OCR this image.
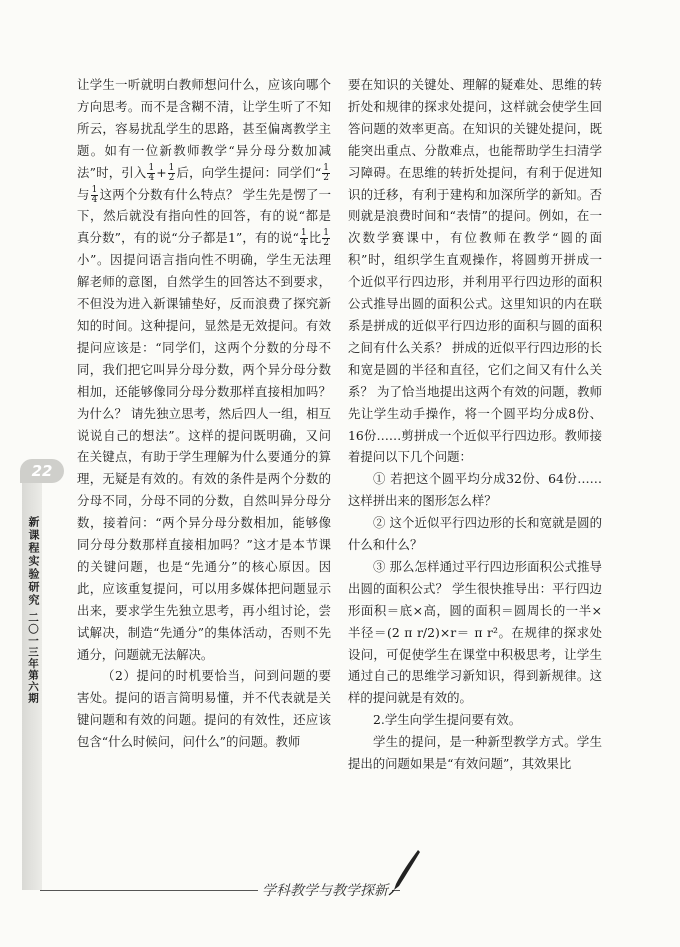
让学生一听就明白教师想问什么，应该向哪个方向思考。而不是含糊不清，让学生听了不知所云，容易扰乱学生的思路，甚至偏离教学主题。如有一位新教师教学“异分母分数加减法”时，引入 $\frac{1}{4} + \frac{1}{2}$ 后，向学生提问：同学们“ $\frac{1}{2}$
与 $\frac{1}{4}$ 这两个分数有什么特点？ 学生先是愣了一下，然后就没有指向性的回答，有的说“都是真分数”，有的说“分子都是1”，有的说“ $\frac{1}{4}$ 比 $\frac{1}{2}$
小”。因提问语言指向性不明确，学生无法理解老师的意图，自然学生的回答达不到要求，不但没为进入新课铺垫好，反而浪费了探究新知的时间。这种提问，显然是无效提问。有效提问应该是：“同学们，这两个分数的分母不同，我们把它叫异分母分数，两个异分母分数相加，还能够像同分母分数那样直接相加吗？ 为什么？ 请先独立思考，然后四人一组，相互说说自己的想法”。这样的提问既明确，又问在关键点，有助于学生理解为什么要通分的算理，无疑是有效的。有效的条件是两个分数的分母不同，分母不同的分数，自然叫异分母分数，接着问：“两个异分母分数相加，能够像同分母分数那样直接相加吗？”这才是本节课的关键问题，也是“先通分”的核心原因。因此，应该重复提问，可以用多媒体把问题显示出来，要求学生先独立思考，再小组讨论，尝试解决，制造“先通分”的集体活动，否则不先通分，问题就无法解决。

（2）提问的时机要恰当，问到问题的要害处。提问的语言简明易懂，并不代表就是关键问题和有效的问题。提问的有效性，还应该包含“什么时候问，问什么”的问题。教师

要在知识的关键处、理解的疑难处、思维的转折处和规律的探求处提问，这样就会使学生回答问题的效率更高。在知识的关键处提问，既能突出重点、分散难点，也能帮助学生扫清学习障碍。在思维的转折处提问，有利于促进知识的迁移，有利于建构和加深所学的新知。否则就是浪费时间和“表情”的提问。例如，在一次数学赛课中，有位教师在教学“圆的面积”时，组织学生直观操作，将圆剪开拼成一个近似平行四边形，并利用平行四边形的面积公式推导出圆的面积公式。这里知识的内在联系是拼成的近似平行四边形的面积与圆的面积之间有什么关系？ 拼成的近似平行四边形的长和宽是圆的半径和直径，它们之间又有什么关系？ 为了恰当地提出这两个有效的问题，教师先让学生动手操作，将一个圆平均分成8份、16份……剪拼成一个近似平行四边形。教师接着提问以下几个问题：

① 若把这个圆平均分成32份、64份……这样拼出来的图形怎么样？

② 这个近似平行四边形的长和宽就是圆的什么和什么？

③ 那么怎样通过平行四边形面积公式推导出圆的面积公式？ 学生很快推导出：平行四边形面积＝底×高，圆的面积＝圆周长的一半×半径＝(2 π r/2)×r＝ π r²。在规律的探求处设问，可促使学生在课堂中积极思考，让学生通过自己的思维学习新知识，得到新规律。这样的提问就是有效的。

2.学生向学生提问要有效。

学生的提问，是一种新型教学方式。学生提出的问题如果是“有效问题”，其效果比

22
新课程实验研究
二〇一三年第六期
学科教学与教学探新
